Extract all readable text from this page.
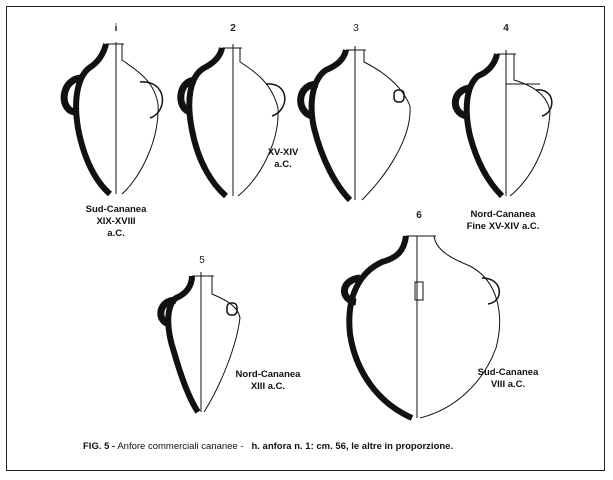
i	2	3	4
5
6
Sud-Cananea
XIX-XVIII
a.C.
XV-XIV
a.C.
Nord-Cananea
Fine XV-XIV a.C.
Nord-Cananea
XIII a.C.
Sud-Cananea
VIII a.C.
FIG. 5 - Anfore commerciali cananee - h. anfora n. 1: cm. 56, le altre in proporzione.
